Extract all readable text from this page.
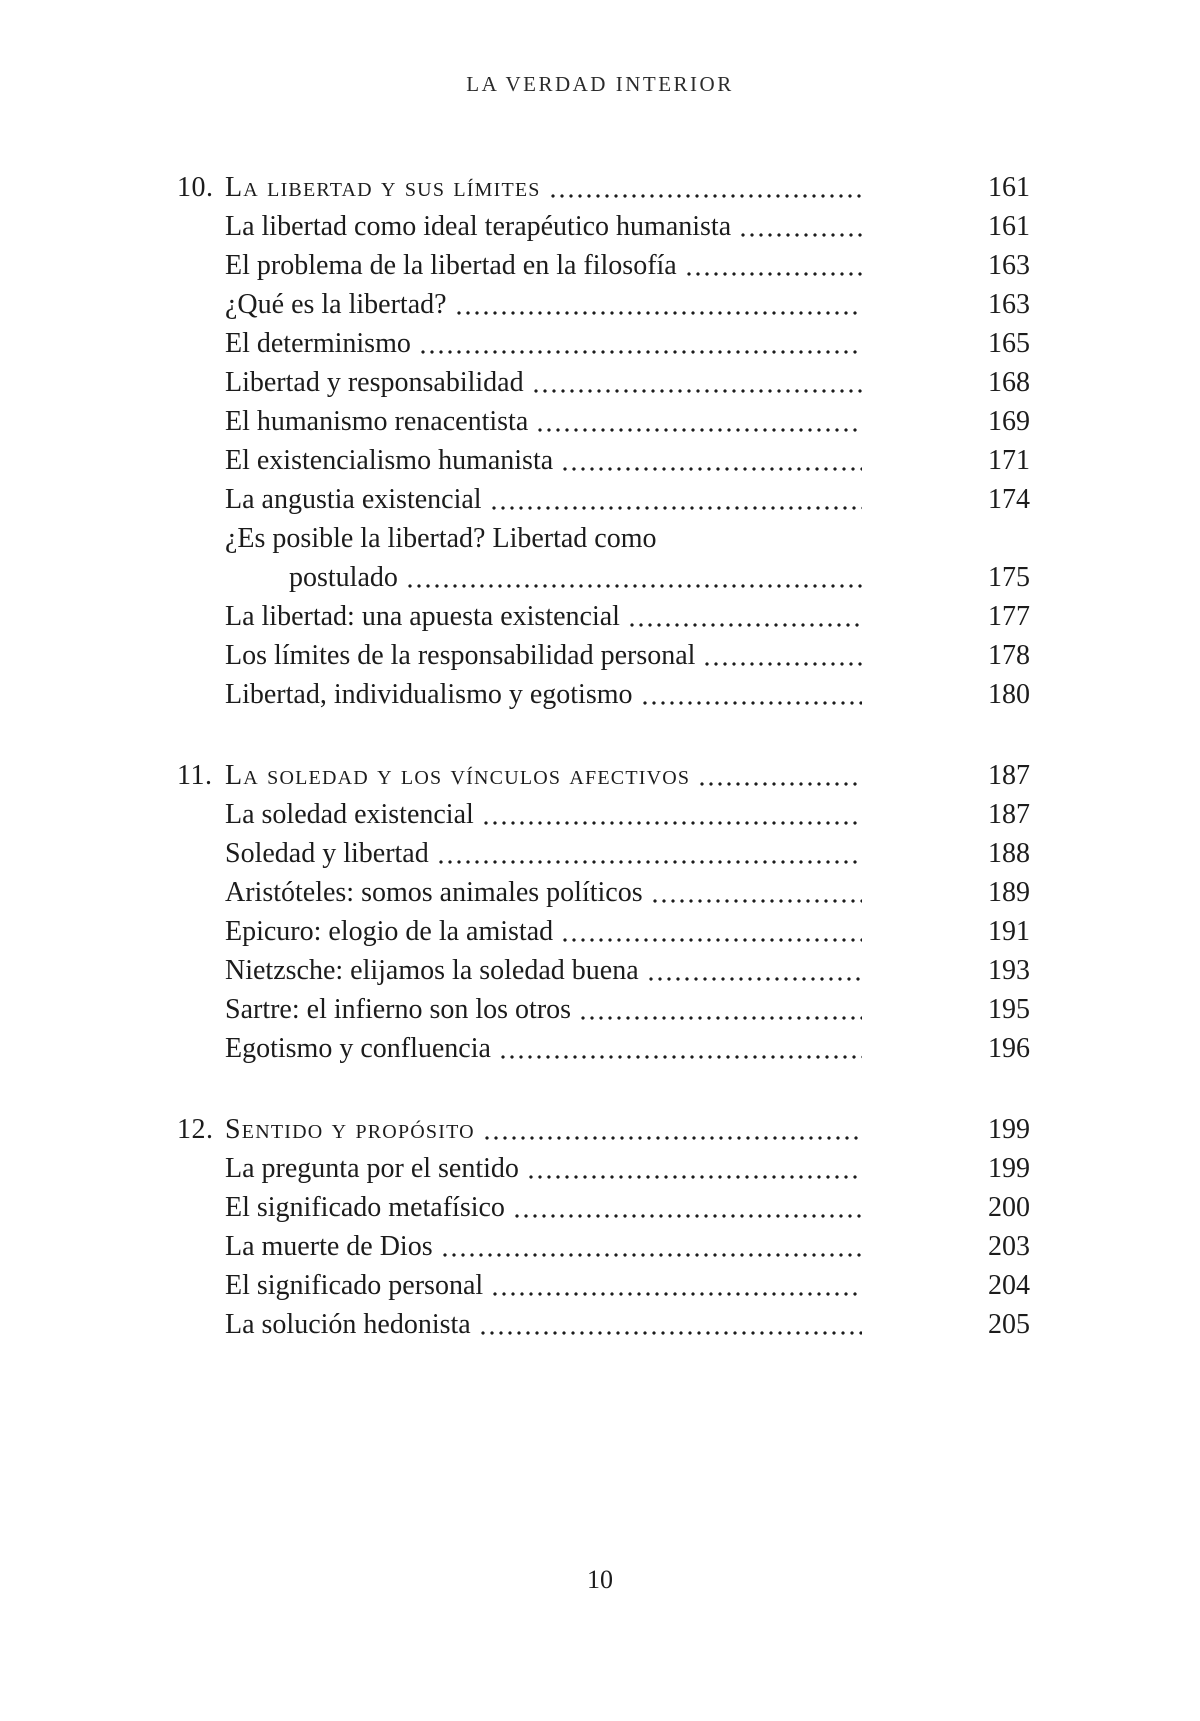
LA VERDAD INTERIOR
10. La libertad y sus límites	161
La libertad como ideal terapéutico humanista	161
El problema de la libertad en la filosofía	163
¿Qué es la libertad?	163
El determinismo	165
Libertad y responsabilidad	168
El humanismo renacentista	169
El existencialismo humanista	171
La angustia existencial	174
¿Es posible la libertad? Libertad como
postulado	175
La libertad: una apuesta existencial	177
Los límites de la responsabilidad personal	178
Libertad, individualismo y egotismo	180
11. La soledad y los vínculos afectivos	187
La soledad existencial	187
Soledad y libertad	188
Aristóteles: somos animales políticos	189
Epicuro: elogio de la amistad	191
Nietzsche: elijamos la soledad buena	193
Sartre: el infierno son los otros	195
Egotismo y confluencia	196
12. Sentido y propósito	199
La pregunta por el sentido	199
El significado metafísico	200
La muerte de Dios	203
El significado personal	204
La solución hedonista	205
10
